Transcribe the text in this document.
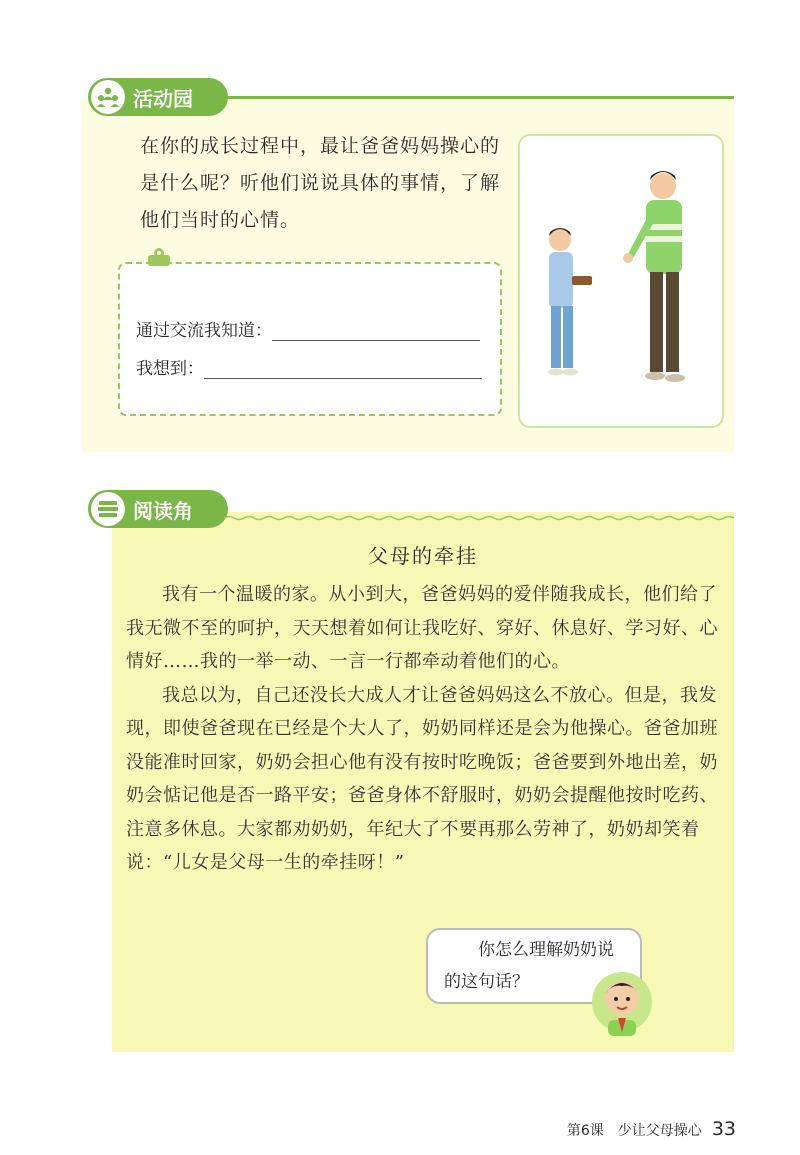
活动园
在你的成长过程中，最让爸爸妈妈操心的是什么呢？听他们说说具体的事情，了解他们当时的心情。
通过交流我知道：
我想到：
阅读角
父母的牵挂

我有一个温暖的家。从小到大，爸爸妈妈的爱伴随我成长，他们给了我无微不至的呵护，天天想着如何让我吃好、穿好、休息好、学习好、心情好……我的一举一动、一言一行都牵动着他们的心。

我总以为，自己还没长大成人才让爸爸妈妈这么不放心。但是，我发现，即使爸爸现在已经是个大人了，奶奶同样还是会为他操心。爸爸加班没能准时回家，奶奶会担心他有没有按时吃晚饭；爸爸要到外地出差，奶奶会惦记他是否一路平安；爸爸身体不舒服时，奶奶会提醒他按时吃药、注意多休息。大家都劝奶奶，年纪大了不要再那么劳神了，奶奶却笑着说：“儿女是父母一生的牵挂呀！”

你怎么理解奶奶说的这句话？
第6课　少让父母操心 33
